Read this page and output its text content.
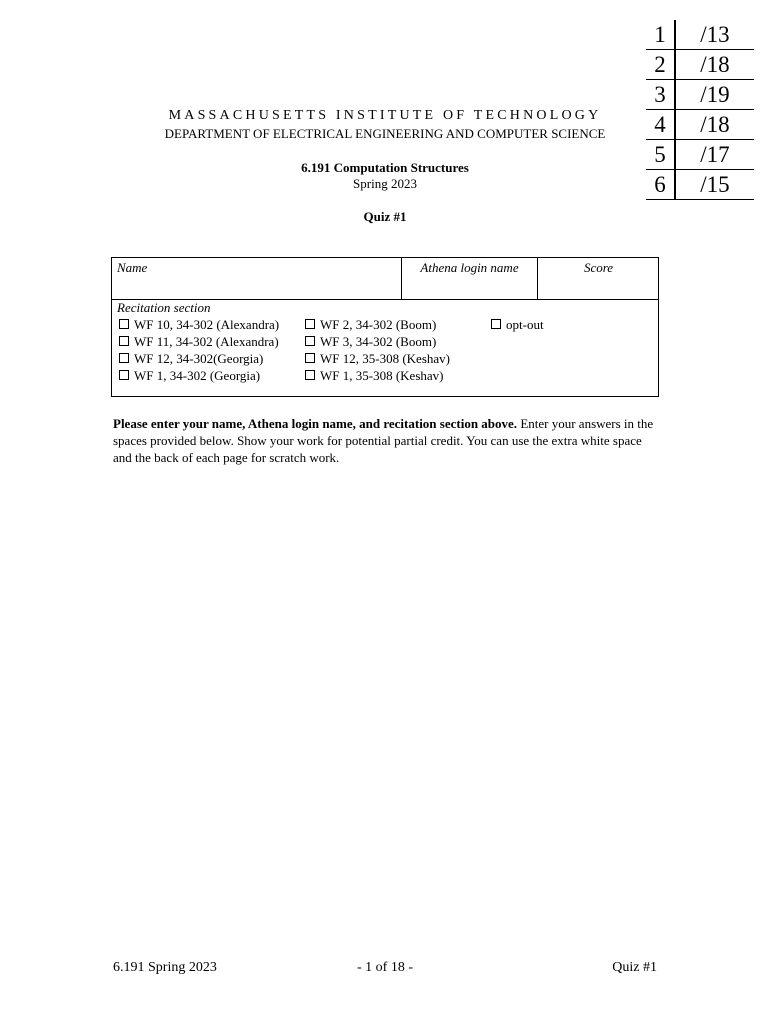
1	/13
2	/18
3	/19
4	/18
5	/17
6	/15
MASSACHUSETTS INSTITUTE OF TECHNOLOGY
DEPARTMENT OF ELECTRICAL ENGINEERING AND COMPUTER SCIENCE
6.191 Computation Structures
Spring 2023
Quiz #1
Name	Athena login name	Score
Recitation section
WF 10, 34-302 (Alexandra)
WF 11, 34-302 (Alexandra)
WF 12, 34-302(Georgia)
WF 1, 34-302 (Georgia)
WF 2, 34-302 (Boom)
WF 3, 34-302 (Boom)
WF 12, 35-308 (Keshav)
WF 1, 35-308 (Keshav)
opt-out
Please enter your name, Athena login name, and recitation section above. Enter your answers in the spaces provided below. Show your work for potential partial credit. You can use the extra white space and the back of each page for scratch work.
6.191 Spring 2023	- 1 of 18 -	Quiz #1
